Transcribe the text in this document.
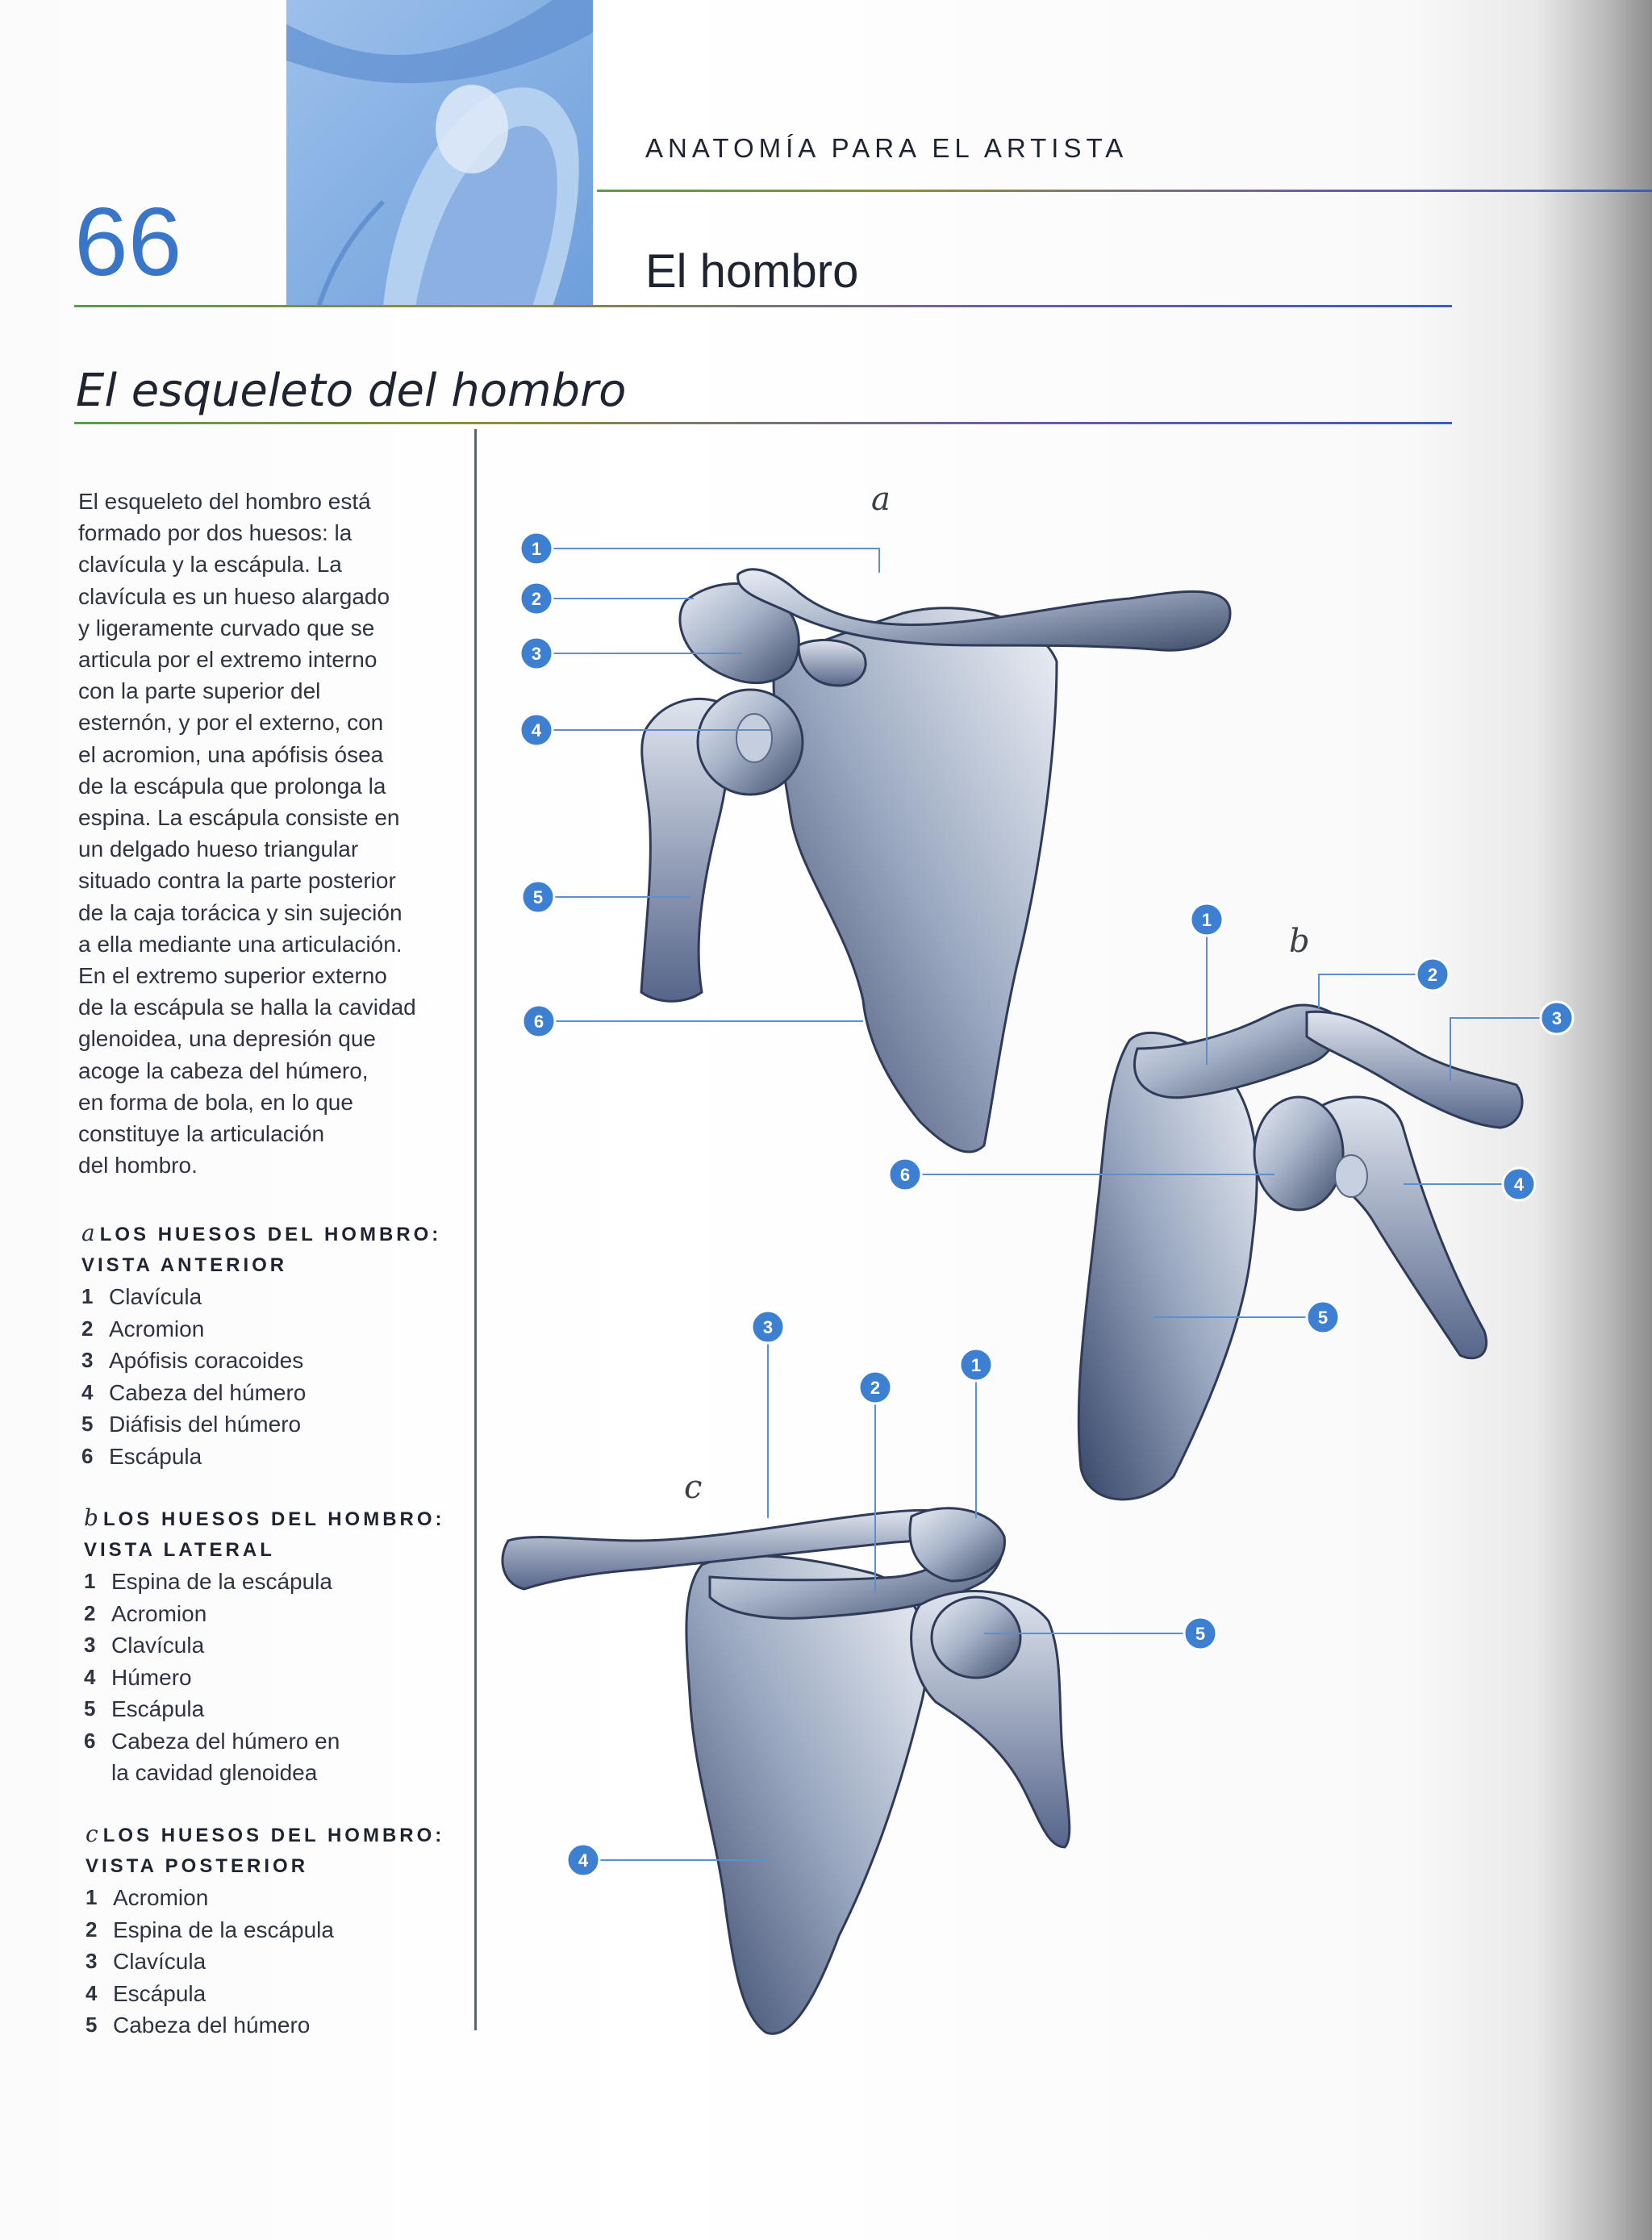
ANATOMÍA PARA EL ARTISTA
66	El hombro
El esqueleto del hombro
El esqueleto del hombro está
formado por dos huesos: la
clavícula y la escápula. La
clavícula es un hueso alargado
y ligeramente curvado que se
articula por el extremo interno
con la parte superior del
esternón, y por el externo, con
el acromion, una apófisis ósea
de la escápula que prolonga la
espina. La escápula consiste en
un delgado hueso triangular
situado contra la parte posterior
de la caja torácica y sin sujeción
a ella mediante una articulación.
En el extremo superior externo
de la escápula se halla la cavidad
glenoidea, una depresión que
acoge la cabeza del húmero,
en forma de bola, en lo que
constituye la articulación
del hombro.
a LOS HUESOS DEL HOMBRO:
VISTA ANTERIOR
1 Clavícula
2 Acromion
3 Apófisis coracoides
4 Cabeza del húmero
5 Diáfisis del húmero
6 Escápula
b LOS HUESOS DEL HOMBRO:
VISTA LATERAL
1 Espina de la escápula
2 Acromion
3 Clavícula
4 Húmero
5 Escápula
6 Cabeza del húmero en
la cavidad glenoidea
c LOS HUESOS DEL HOMBRO:
VISTA POSTERIOR
1 Acromion
2 Espina de la escápula
3 Clavícula
4 Escápula
5 Cabeza del húmero
a
1
2
3
4
5
6
b
1
2
3
4
5
6
c
1
2
3
4
5
